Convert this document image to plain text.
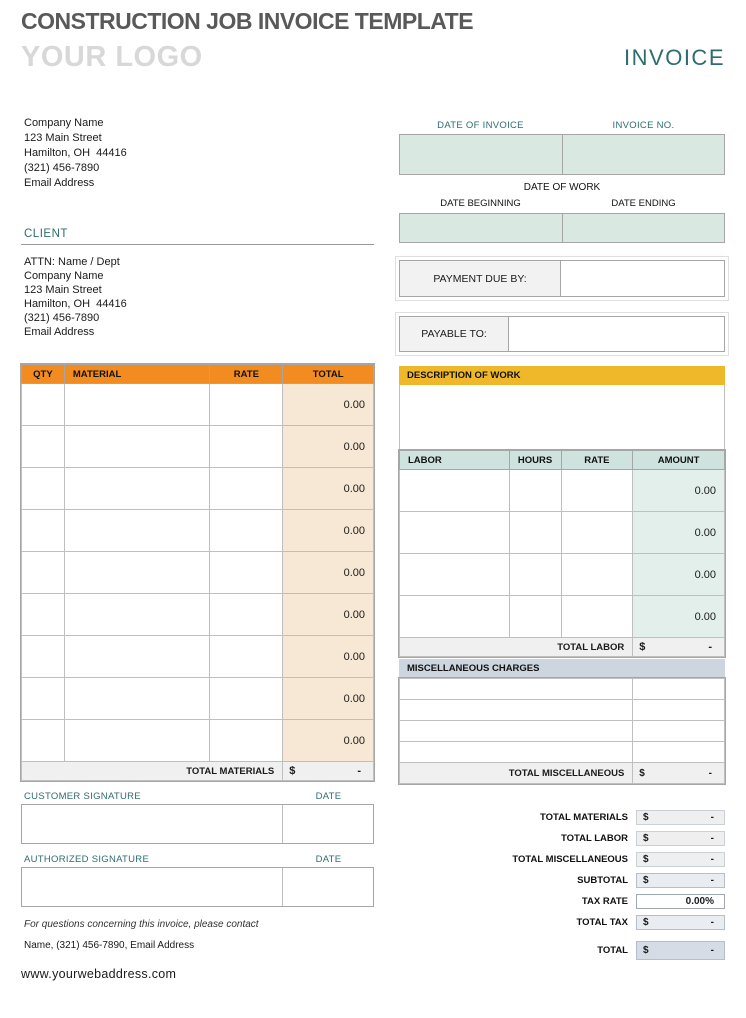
CONSTRUCTION JOB INVOICE TEMPLATE
YOUR LOGO	INVOICE
Company Name
123 Main Street
Hamilton, OH  44416
(321) 456-7890
Email Address
CLIENT
ATTN: Name / Dept
Company Name
123 Main Street
Hamilton, OH  44416
(321) 456-7890
Email Address
QTY	MATERIAL	RATE	TOTAL
			0.00
			0.00
			0.00
			0.00
			0.00
			0.00
			0.00
			0.00
			0.00
TOTAL MATERIALS			$ -
CUSTOMER SIGNATURE	DATE
AUTHORIZED SIGNATURE	DATE
For questions concerning this invoice, please contact
Name, (321) 456-7890, Email Address
www.yourwebaddress.com
DATE OF INVOICE	INVOICE NO.
DATE OF WORK
DATE BEGINNING	DATE ENDING
PAYMENT DUE BY:
PAYABLE TO:
DESCRIPTION OF WORK
LABOR	HOURS	RATE	AMOUNT
			0.00
			0.00
			0.00
			0.00
TOTAL LABOR			$ -
MISCELLANEOUS CHARGES

TOTAL MISCELLANEOUS	$ -
TOTAL MATERIALS $	-
TOTAL LABOR $	-
TOTAL MISCELLANEOUS $	-
SUBTOTAL $	-
TAX RATE	0.00%
TOTAL TAX $	-
TOTAL $	-
